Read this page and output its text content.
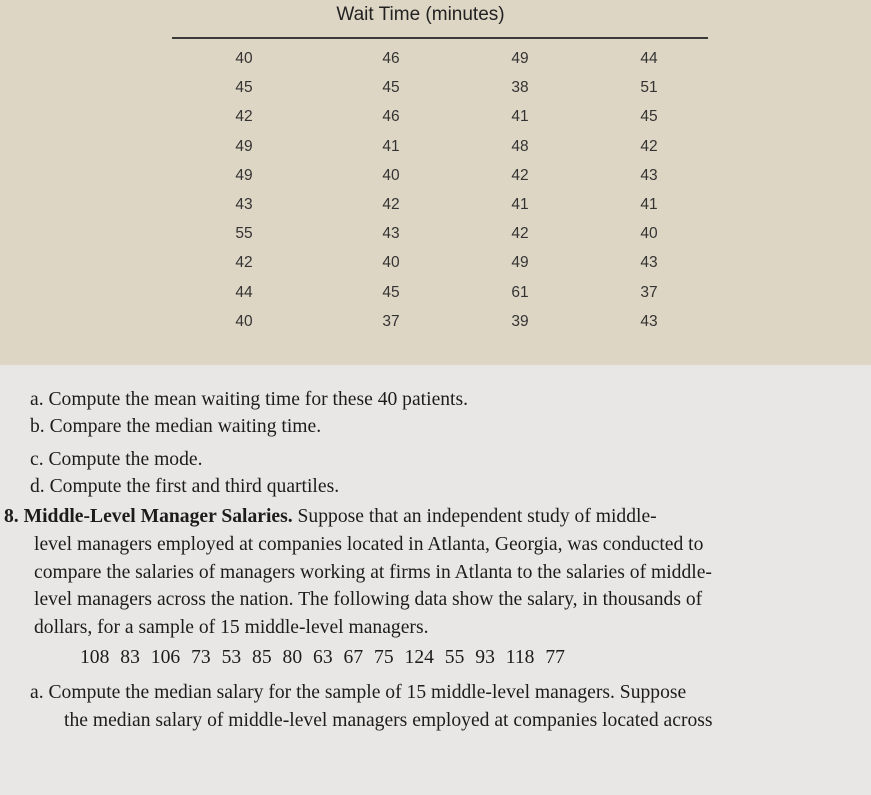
Wait Time (minutes)
40
45
42
49
49
43
55
42
44
40
46
45
46
41
40
42
43
40
45
37
49
38
41
48
42
41
42
49
61
39
44
51
45
42
43
41
40
43
37
43
a. Compute the mean waiting time for these 40 patients.
b. Compare the median waiting time.
c. Compute the mode.
d. Compute the first and third quartiles.
8. Middle-Level Manager Salaries. Suppose that an independent study of middle-
level managers employed at companies located in Atlanta, Georgia, was conducted to
compare the salaries of managers working at firms in Atlanta to the salaries of middle-
level managers across the nation. The following data show the salary, in thousands of
dollars, for a sample of 15 middle-level managers.
108 83 106 73 53 85 80 63 67 75 124 55 93 118 77
a. Compute the median salary for the sample of 15 middle-level managers. Suppose
the median salary of middle-level managers employed at companies located across
